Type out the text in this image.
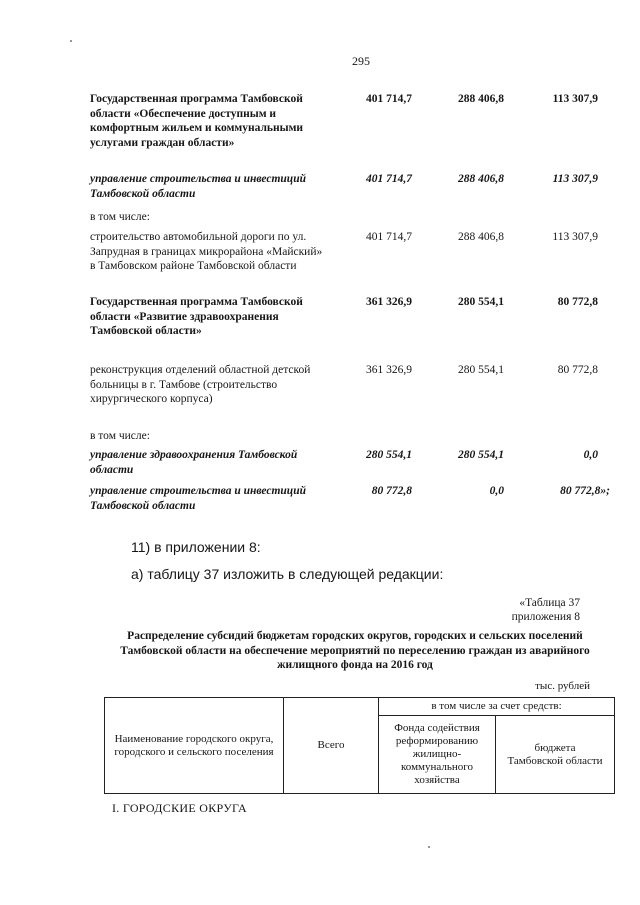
295
Государственная программа Тамбовской области «Обеспечение доступным и комфортным жильем и коммунальными услугами граждан области»
401 714,7	288 406,8	113 307,9
управление строительства и инвестиций Тамбовской области
401 714,7	288 406,8	113 307,9
в том числе:
строительство автомобильной дороги по ул. Запрудная в границах микрорайона «Майский» в Тамбовском районе Тамбовской области
401 714,7	288 406,8	113 307,9
Государственная программа Тамбовской области «Развитие здравоохранения Тамбовской области»
361 326,9	280 554,1	80 772,8
реконструкция отделений областной детской больницы в г. Тамбове (строительство хирургического корпуса)
361 326,9	280 554,1	80 772,8
в том числе:
управление здравоохранения Тамбовской области
280 554,1	280 554,1	0,0
управление строительства и инвестиций Тамбовской области
80 772,8	0,0	80 772,8»;
11) в приложении 8:
а) таблицу 37 изложить в следующей редакции:
«Таблица 37
приложения 8
Распределение субсидий бюджетам городских округов, городских и сельских поселений Тамбовской области на обеспечение мероприятий по переселению граждан из аварийного жилищного фонда на 2016 год
тыс. рублей
Наименование городского округа, городского и сельского поселения	Всего	в том числе за счет средств:	
		Фонда содействия реформированию жилищно-коммунального хозяйства	бюджета Тамбовской области
I. ГОРОДСКИЕ ОКРУГА
